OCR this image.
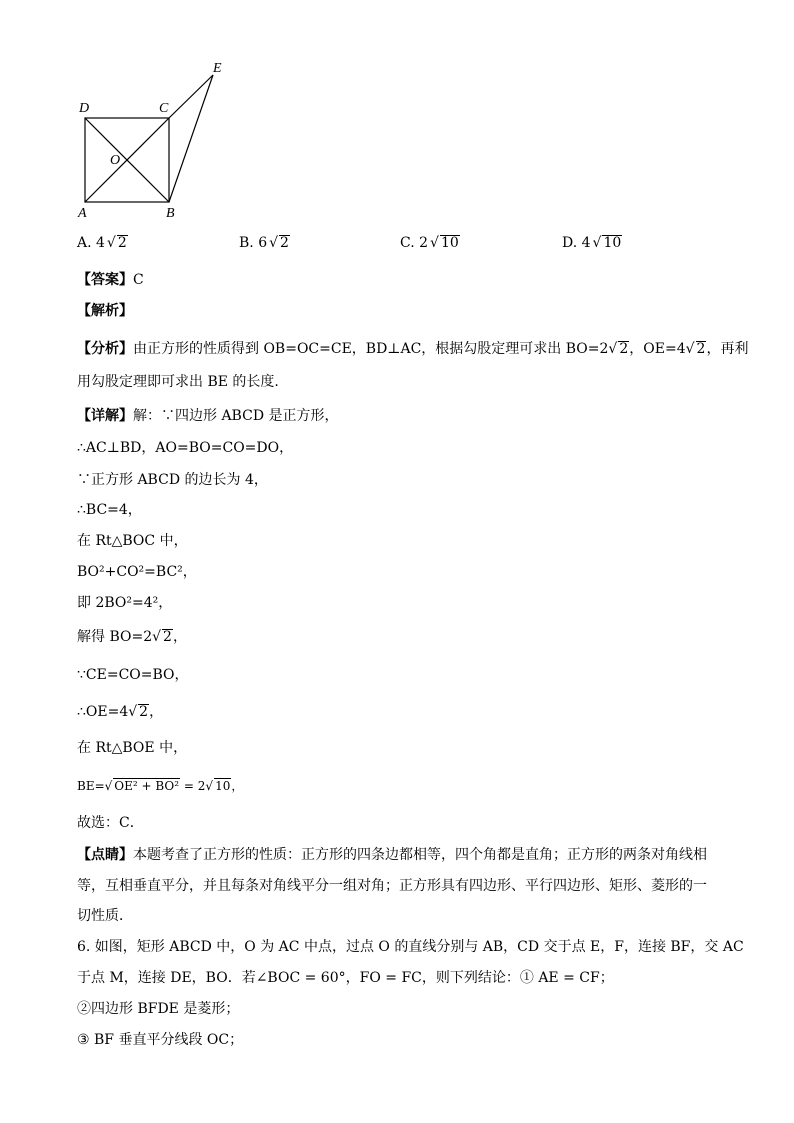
D	C
E
O
A	B
A. 4 √ 2	B. 6 √ 2	C. 2 √ 10	D. 4 √ 10
【答案】C
【解析】
【分析】由正方形的性质得到 OB=OC=CE，BD⊥AC，根据勾股定理可求出 BO=2√ 2，OE=4√ 2，再利
用勾股定理即可求出 BE 的长度.
【详解】解：∵四边形 ABCD 是正方形，
∴AC⊥BD，AO=BO=CO=DO，
∵正方形 ABCD 的边长为 4，
∴BC=4，
在 Rt△BOC 中，
BO²+CO²=BC²，
即 2BO²=4²，
解得 BO=2√ 2，
∵CE=CO=BO，
∴OE=4√ 2，
在 Rt△BOE 中，
BE=√ OE² + BO² = 2√ 10，
故选：C．
【点睛】本题考查了正方形的性质：正方形的四条边都相等，四个角都是直角；正方形的两条对角线相
等，互相垂直平分，并且每条对角线平分一组对角；正方形具有四边形、平行四边形、矩形、菱形的一
切性质．
6. 如图，矩形 ABCD 中，O 为 AC 中点，过点 O 的直线分别与 AB，CD 交于点 E，F，连接 BF，交 AC
于点 M，连接 DE，BO．若∠BOC = 60°，FO = FC，则下列结论：① AE = CF；
②四边形 BFDE 是菱形；
③ BF 垂直平分线段 OC；
